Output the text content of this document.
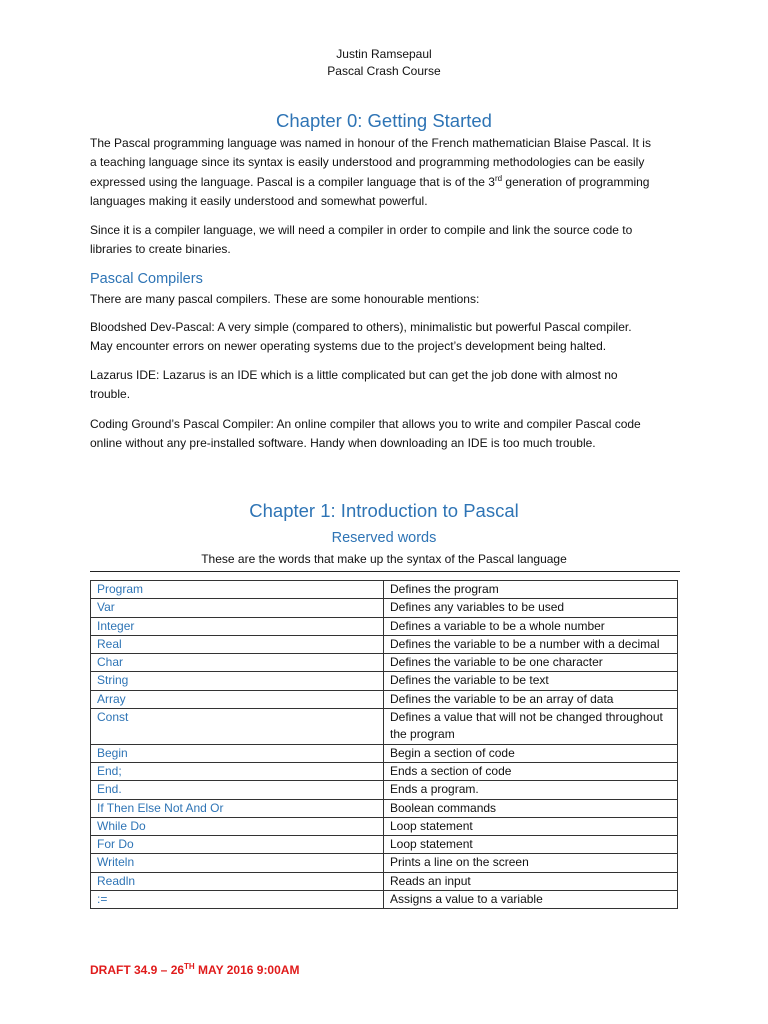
Justin Ramsepaul
Pascal Crash Course
Chapter 0: Getting Started
The Pascal programming language was named in honour of the French mathematician Blaise Pascal. It is
a teaching language since its syntax is easily understood and programming methodologies can be easily
expressed using the language. Pascal is a compiler language that is of the 3rd generation of programming
languages making it easily understood and somewhat powerful.
Since it is a compiler language, we will need a compiler in order to compile and link the source code to
libraries to create binaries.
Pascal Compilers
There are many pascal compilers. These are some honourable mentions:
Bloodshed Dev-Pascal: A very simple (compared to others), minimalistic but powerful Pascal compiler.
May encounter errors on newer operating systems due to the project’s development being halted.
Lazarus IDE: Lazarus is an IDE which is a little complicated but can get the job done with almost no
trouble.
Coding Ground’s Pascal Compiler: An online compiler that allows you to write and compiler Pascal code
online without any pre-installed software. Handy when downloading an IDE is too much trouble.
Chapter 1: Introduction to Pascal
Reserved words
These are the words that make up the syntax of the Pascal language
Program	Defines the program
Var	Defines any variables to be used
Integer	Defines a variable to be a whole number
Real	Defines the variable to be a number with a decimal
Char	Defines the variable to be one character
String	Defines the variable to be text
Array	Defines the variable to be an array of data
Const	Defines a value that will not be changed throughout the program
Begin	Begin a section of code
End;	Ends a section of code
End.	Ends a program.
If Then Else Not And Or	Boolean commands
While Do	Loop statement
For Do	Loop statement
Writeln	Prints a line on the screen
Readln	Reads an input
:=	Assigns a value to a variable
DRAFT 34.9 – 26TH MAY 2016 9:00AM
